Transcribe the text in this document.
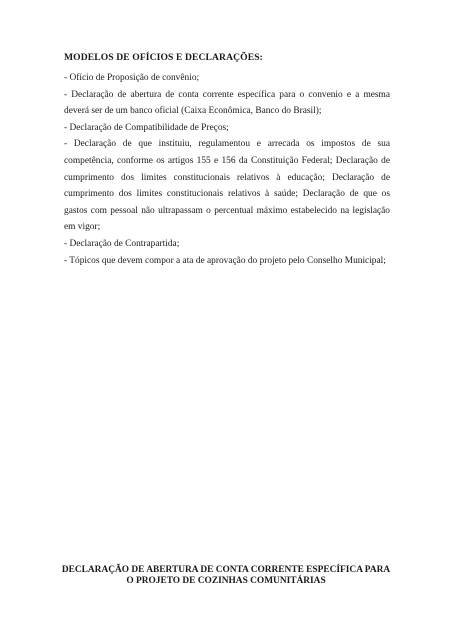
MODELOS DE OFÍCIOS E DECLARAÇÕES:
- Ofício de Proposição de convênio;
- Declaração de abertura de conta corrente específica para o convenio e a mesma deverá ser de um banco oficial (Caixa Econômica, Banco do Brasil);
- Declaração de Compatibilidade de Preços;
- Declaração de que instituiu, regulamentou e arrecada os impostos de sua competência, conforme os artigos 155 e 156 da Constituição Federal; Declaração de cumprimento dos limites constitucionais relativos à educação; Declaração de cumprimento dos limites constitucionais relativos à saúde; Declaração de que os gastos com pessoal não ultrapassam o percentual máximo estabelecido na legislação em vigor;
- Declaração de Contrapartida;
- Tópicos que devem compor a ata de aprovação do projeto pelo Conselho Municipal;
DECLARAÇÃO DE ABERTURA DE CONTA CORRENTE ESPECÍFICA PARA
O PROJETO DE COZINHAS COMUNITÁRIAS
